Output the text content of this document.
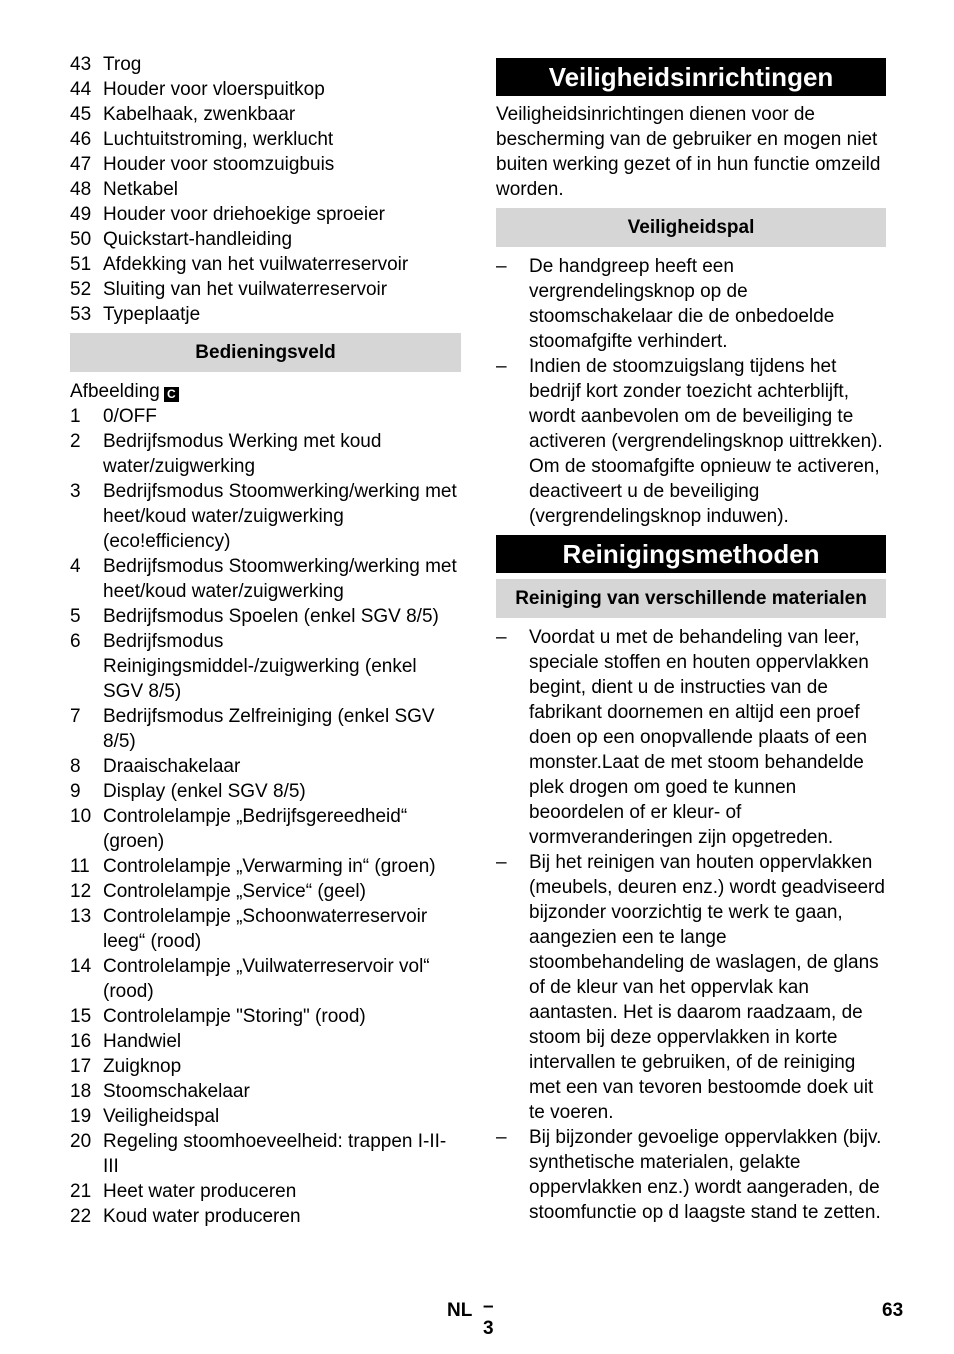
43 Trog
44 Houder voor vloerspuitkop
45 Kabelhaak, zwenkbaar
46 Luchtuitstroming, werklucht
47 Houder voor stoomzuigbuis
48 Netkabel
49 Houder voor driehoekige sproeier
50 Quickstart-handleiding
51 Afdekking van het vuilwaterreservoir
52 Sluiting van het vuilwaterreservoir
53 Typeplaatje
Bedieningsveld
Afbeelding C
1	0/OFF
2	Bedrijfsmodus Werking met koud water/zuigwerking
3	Bedrijfsmodus Stoomwerking/werking met heet/koud water/zuigwerking (eco!efficiency)
4	Bedrijfsmodus Stoomwerking/werking met heet/koud water/zuigwerking
5	Bedrijfsmodus Spoelen (enkel SGV 8/5)
6	Bedrijfsmodus Reinigingsmiddel-/zuigwerking (enkel SGV 8/5)
7	Bedrijfsmodus Zelfreiniging (enkel SGV 8/5)
8	Draaischakelaar
9	Display (enkel SGV 8/5)
10 Controlelampje „Bedrijfsgereedheid“ (groen)
11 Controlelampje „Verwarming in“ (groen)
12 Controlelampje „Service“ (geel)
13 Controlelampje „Schoonwaterreservoir leeg“ (rood)
14 Controlelampje „Vuilwaterreservoir vol“ (rood)
15 Controlelampje "Storing" (rood)
16 Handwiel
17 Zuigknop
18 Stoomschakelaar
19 Veiligheidspal
20 Regeling stoomhoeveelheid: trappen I-II-III
21 Heet water produceren
22 Koud water produceren
Veiligheidsinrichtingen
Veiligheidsinrichtingen dienen voor de bescherming van de gebruiker en mogen niet buiten werking gezet of in hun functie omzeild worden.
Veiligheidspal
–	De handgreep heeft een vergrendelingsknop op de stoomschakelaar die de onbedoelde stoomafgifte verhindert.
–	Indien de stoomzuigslang tijdens het bedrijf kort zonder toezicht achterblijft, wordt aanbevolen om de beveiliging te activeren (vergrendelingsknop uittrekken). Om de stoomafgifte opnieuw te activeren, deactiveert u de beveiliging (vergrendelingsknop induwen).
Reinigingsmethoden
Reiniging van verschillende materialen
–	Voordat u met de behandeling van leer, speciale stoffen en houten oppervlakken begint, dient u de instructies van de fabrikant doornemen en altijd een proef doen op een onopvallende plaats of een monster.Laat de met stoom behandelde plek drogen om goed te kunnen beoordelen of er kleur- of vormveranderingen zijn opgetreden.
–	Bij het reinigen van houten oppervlakken (meubels, deuren enz.) wordt geadviseerd bijzonder voorzichtig te werk te gaan, aangezien een te lange stoombehandeling de waslagen, de glans of de kleur van het oppervlak kan aantasten. Het is daarom raadzaam, de stoom bij deze oppervlakken in korte intervallen te gebruiken, of de reiniging met een van tevoren bestoomde doek uit te voeren.
–	Bij bijzonder gevoelige oppervlakken (bijv. synthetische materialen, gelakte oppervlakken enz.) wordt aangeraden, de stoomfunctie op d laagste stand te zetten.
NL – 3
63
